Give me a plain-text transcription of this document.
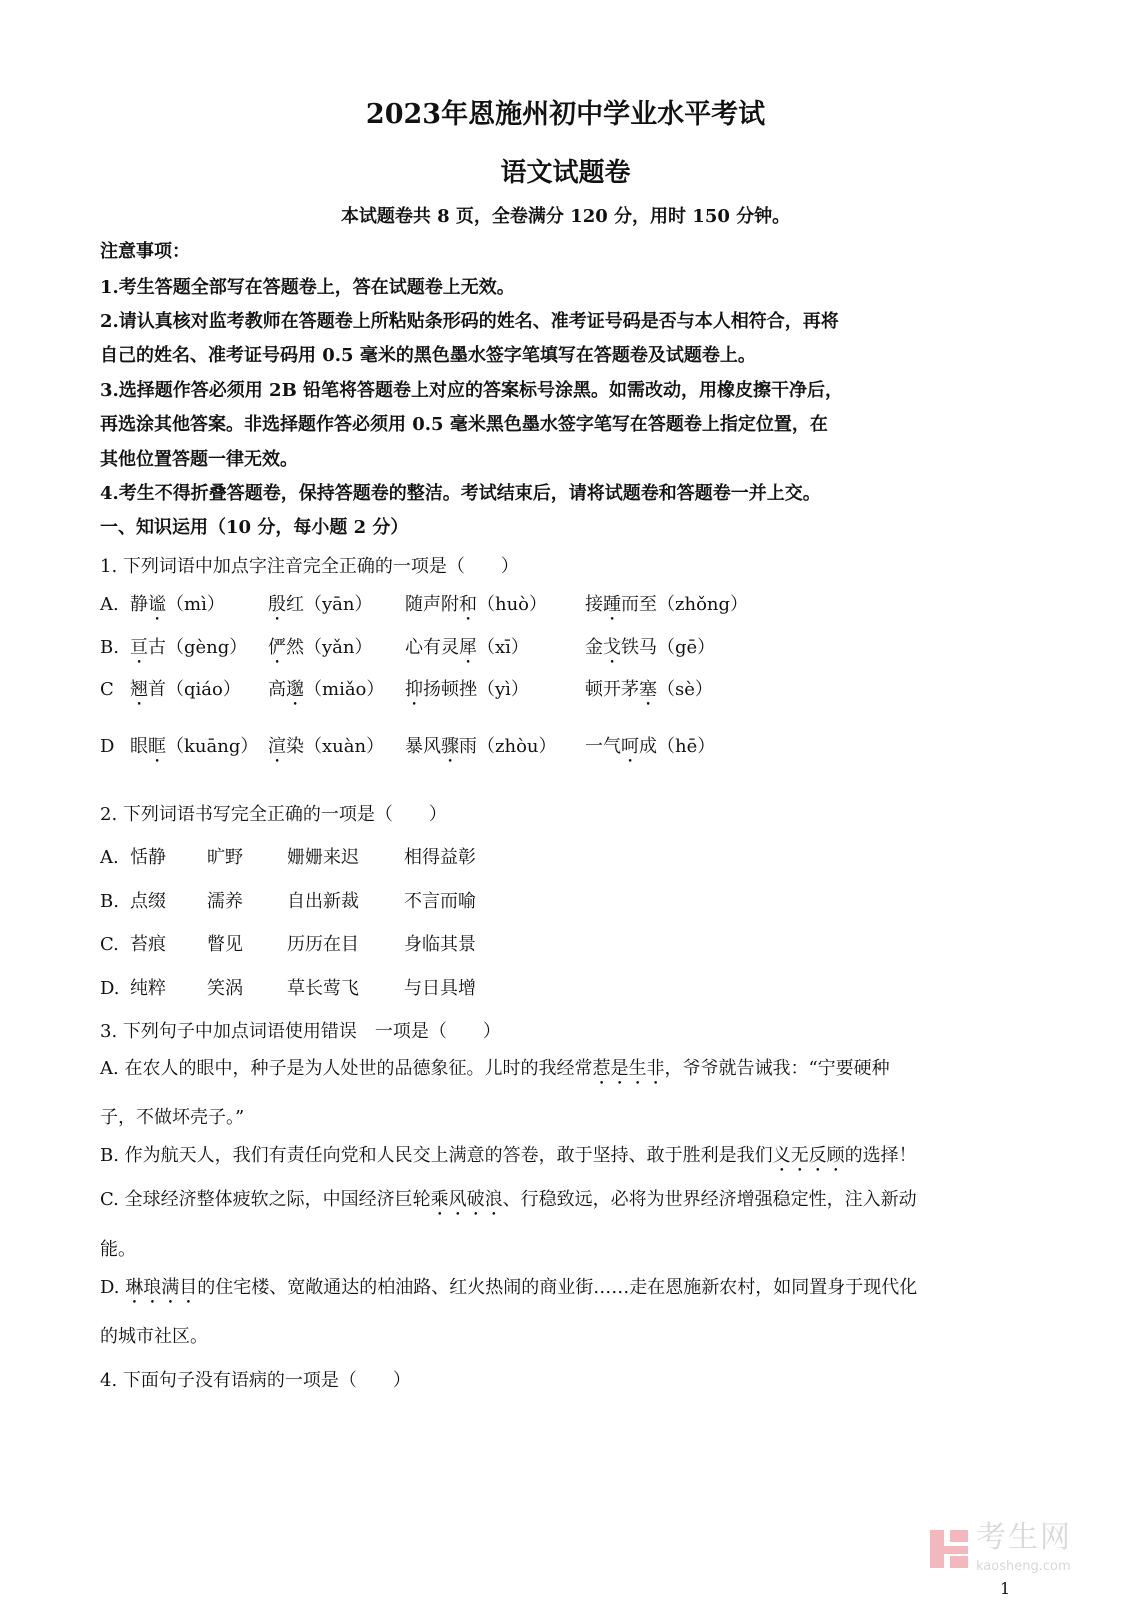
2023年恩施州初中学业水平考试
语文试题卷
本试题卷共 8 页，全卷满分 120 分，用时 150 分钟。
注意事项：
1.考生答题全部写在答题卷上，答在试题卷上无效。
2.请认真核对监考教师在答题卷上所粘贴条形码的姓名、准考证号码是否与本人相符合，再将
自己的姓名、准考证号码用 0.5 毫米的黑色墨水签字笔填写在答题卷及试题卷上。
3.选择题作答必须用 2B 铅笔将答题卷上对应的答案标号涂黑。如需改动，用橡皮擦干净后，
再选涂其他答案。非选择题作答必须用 0.5 毫米黑色墨水签字笔写在答题卷上指定位置，在
其他位置答题一律无效。
4.考生不得折叠答题卷，保持答题卷的整洁。考试结束后，请将试题卷和答题卷一并上交。
一、知识运用（10 分，每小题 2 分）
1. 下列词语中加点字注音完全正确的一项是（　　）
A. 静谧（mì） 殷红（yān） 随声附和（huò） 接踵而至（zhǒng）
B. 亘古（gèng） 俨然（yǎn） 心有灵犀（xī）	金戈铁马（gē）
C 翘首（qiáo） 高邈（miǎo） 抑扬顿挫（yì）	顿开茅塞（sè）
D 眼眶（kuāng） 渲染（xuàn） 暴风骤雨（zhòu） 一气呵成（hē）
2. 下列词语书写完全正确的一项是（　　）
A. 恬静 旷野 姗姗来迟	相得益彰
B. 点缀 濡养 自出新裁	不言而喻
C. 苔痕 瞥见 历历在目	身临其景
D. 纯粹 笑涡 草长莺飞	与日具增
3. 下列句子中加点词语使用错误　一项是（　　）
A. 在农人的眼中，种子是为人处世的品德象征。儿时的我经常惹是生非，爷爷就告诫我：“宁要硬种
子，不做坏壳子。”
B. 作为航天人，我们有责任向党和人民交上满意的答卷，敢于坚持、敢于胜利是我们义无反顾的选择！
C. 全球经济整体疲软之际，中国经济巨轮乘风破浪、行稳致远，必将为世界经济增强稳定性，注入新动
能。
D. 琳琅满目的住宅楼、宽敞通达的柏油路、红火热闹的商业街……走在恩施新农村，如同置身于现代化
的城市社区。
4. 下面句子没有语病的一项是（　　）
考生网
kaosheng.com
1
